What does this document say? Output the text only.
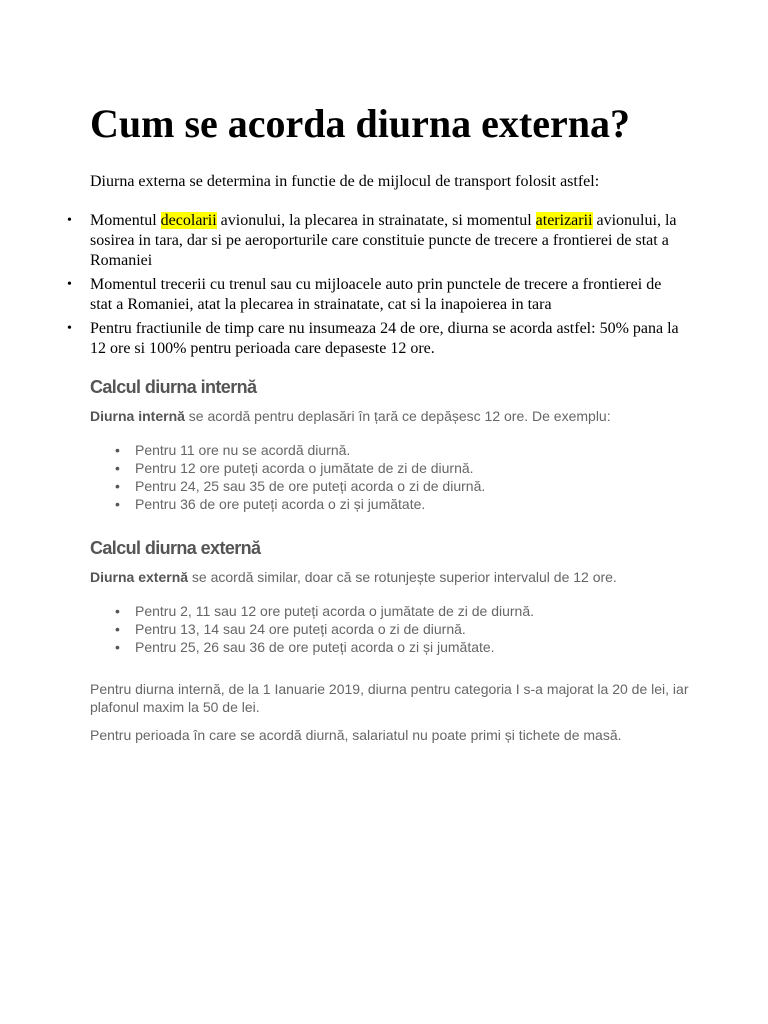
Cum se acorda diurna externa?

Diurna externa se determina in functie de de mijlocul de transport folosit astfel:

• Momentul decolarii avionului, la plecarea in strainatate, si momentul aterizarii avionului, la sosirea in tara, dar si pe aeroporturile care constituie puncte de trecere a frontierei de stat a Romaniei
• Momentul trecerii cu trenul sau cu mijloacele auto prin punctele de trecere a frontierei de stat a Romaniei, atat la plecarea in strainatate, cat si la inapoierea in tara
• Pentru fractiunile de timp care nu insumeaza 24 de ore, diurna se acorda astfel: 50% pana la 12 ore si 100% pentru perioada care depaseste 12 ore.
Calcul diurna internă

Diurna internă se acordă pentru deplasări în țară ce depășesc 12 ore. De exemplu:

• Pentru 11 ore nu se acordă diurnă.
• Pentru 12 ore puteți acorda o jumătate de zi de diurnă.
• Pentru 24, 25 sau 35 de ore puteți acorda o zi de diurnă.
• Pentru 36 de ore puteți acorda o zi și jumătate.
Calcul diurna externă

Diurna externă se acordă similar, doar că se rotunjește superior intervalul de 12 ore.

• Pentru 2, 11 sau 12 ore puteți acorda o jumătate de zi de diurnă.
• Pentru 13, 14 sau 24 ore puteți acorda o zi de diurnă.
• Pentru 25, 26 sau 36 de ore puteți acorda o zi și jumătate.

Pentru diurna internă, de la 1 Ianuarie 2019, diurna pentru categoria I s-a majorat la 20 de lei, iar plafonul maxim la 50 de lei.

Pentru perioada în care se acordă diurnă, salariatul nu poate primi și tichete de masă.
